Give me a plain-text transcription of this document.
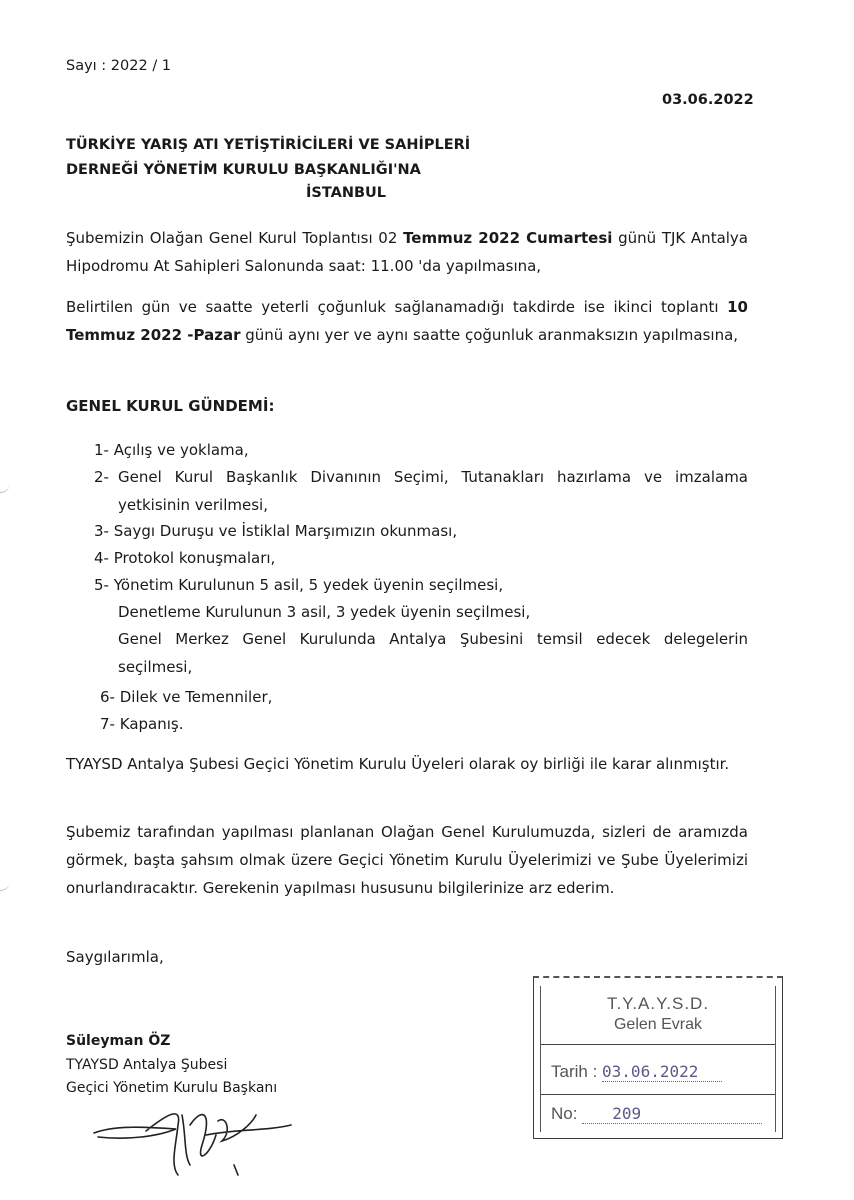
Sayı : 2022 / 1
03.06.2022
TÜRKİYE YARIŞ ATI YETİŞTİRİCİLERİ VE SAHİPLERİ
DERNEĞİ YÖNETİM KURULU BAŞKANLIĞI'NA
İSTANBUL
Şubemizin Olağan Genel Kurul Toplantısı 02 Temmuz 2022 Cumartesi günü TJK Antalya Hipodromu At Sahipleri Salonunda saat: 11.00 'da yapılmasına,
Belirtilen gün ve saatte yeterli çoğunluk sağlanamadığı takdirde ise ikinci toplantı 10 Temmuz 2022 -Pazar günü aynı yer ve aynı saatte çoğunluk aranmaksızın yapılmasına,
GENEL KURUL GÜNDEMİ:
1- Açılış ve yoklama,
2- Genel Kurul Başkanlık Divanının Seçimi, Tutanakları hazırlama ve imzalama yetkisinin verilmesi,
3- Saygı Duruşu ve İstiklal Marşımızın okunması,
4- Protokol konuşmaları,
5- Yönetim Kurulunun 5 asil, 5 yedek üyenin seçilmesi,
Denetleme Kurulunun 3 asil, 3 yedek üyenin seçilmesi,
Genel Merkez Genel Kurulunda Antalya Şubesini temsil edecek delegelerin seçilmesi,
6- Dilek ve Temenniler,
7- Kapanış.
TYAYSD Antalya Şubesi Geçici Yönetim Kurulu Üyeleri olarak oy birliği ile karar alınmıştır.
Şubemiz tarafından yapılması planlanan Olağan Genel Kurulumuzda, sizleri de aramızda görmek, başta şahsım olmak üzere Geçici Yönetim Kurulu Üyelerimizi ve Şube Üyelerimizi onurlandıracaktır. Gerekenin yapılması hususunu bilgilerinize arz ederim.
Saygılarımla,
Süleyman ÖZ
TYAYSD Antalya Şubesi
Geçici Yönetim Kurulu Başkanı
T.Y.A.Y.S.D.
Gelen Evrak
Tarih : 03.06.2022
No: 209
